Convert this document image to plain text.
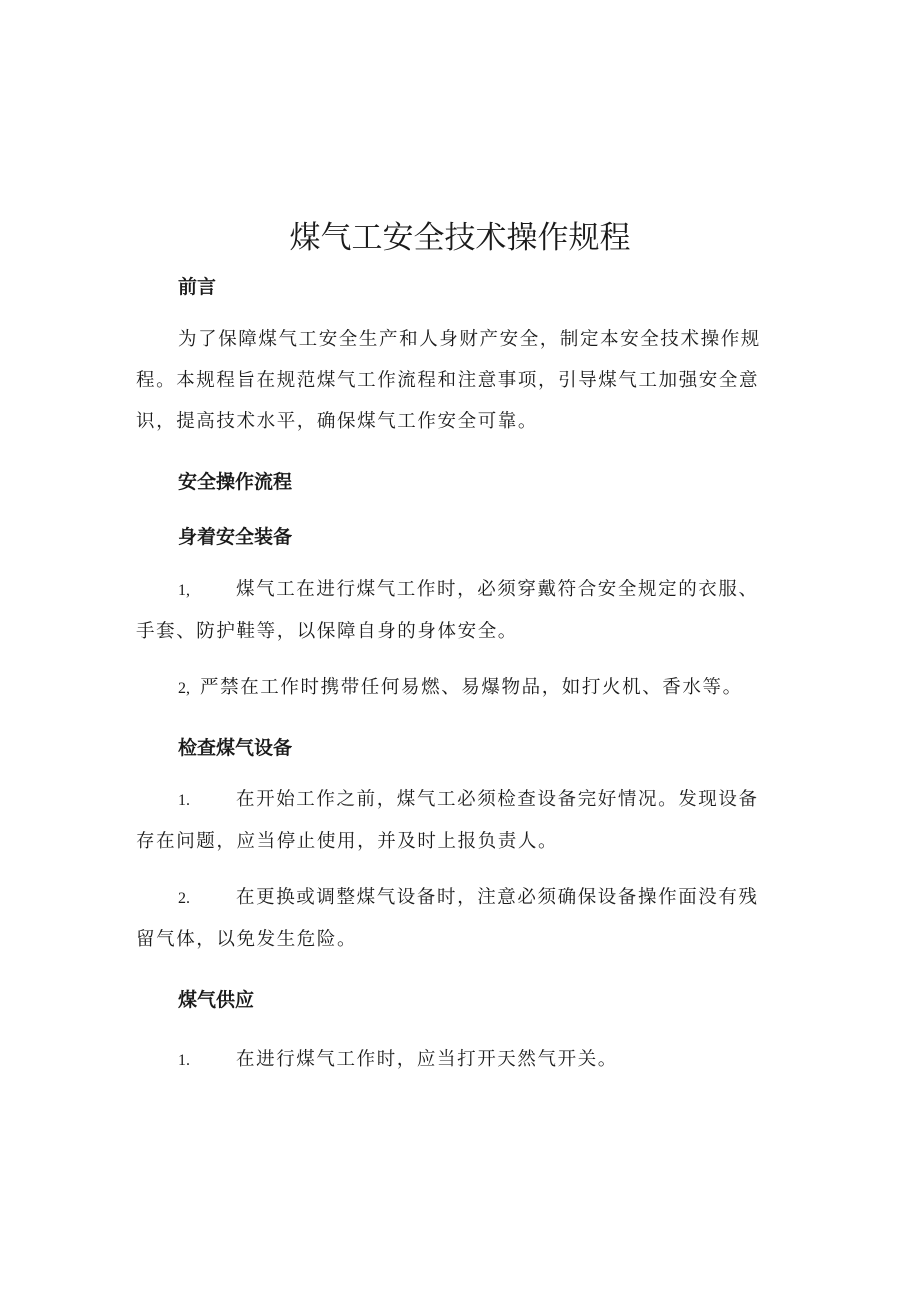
煤气工安全技术操作规程

前言

为了保障煤气工安全生产和人身财产安全，制定本安全技术操作规程。本规程旨在规范煤气工作流程和注意事项，引导煤气工加强安全意识，提高技术水平，确保煤气工作安全可靠。

安全操作流程

身着安全装备

1, 煤气工在进行煤气工作时，必须穿戴符合安全规定的衣服、手套、防护鞋等，以保障自身的身体安全。

2, 严禁在工作时携带任何易燃、易爆物品，如打火机、香水等。

检查煤气设备

1. 在开始工作之前，煤气工必须检查设备完好情况。发现设备存在问题，应当停止使用，并及时上报负责人。

2. 在更换或调整煤气设备时，注意必须确保设备操作面没有残留气体，以免发生危险。

煤气供应

1. 在进行煤气工作时，应当打开天然气开关。
